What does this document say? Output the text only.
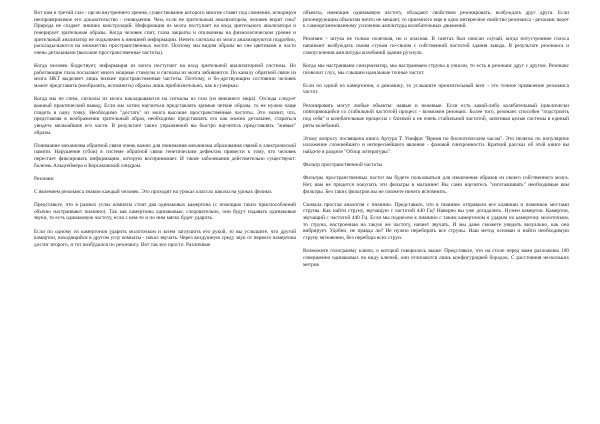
Вот нам и третий глаз - орган внутреннего зрения, существование которого многие ставят под сомнение, игнорируя неопровержимое его доказательство - сновидения. Чем, если не зрительным анализатором, человек видит сны? Природа не создает лишних конструкций. Информация из мозга поступает на вход зрительного анализатора и генерирует зрительные образы. Когда человек спит, глаза закрыты и отключены на физиологическом уровне и зрительный анализатор не подключен к внешней информации. Нечего сигналы из мозга анализируются подробно, расклады-ваются на множество пространственных частот. Поэтому мы видим образы во сне цветными и часто очень детальными (высокие пространственные частоты).

Когда человек бодрствует, информация из мозга поступает на вход зрительной анализаторной системы. Но работающие глаза посылают много мощные стимулы и сигналы из мозга забиваются. По каналу обратной связи из мозга НКТ выделяет лишь низкие пространственные частоты. Поэтому, и бо-дрствующим состоянии человек может представить (вообразить, вспомнить) образы лишь приблизительно, как в сумерках.

Когда мы не спим, сигналы из мозга накладываются на сигналы из глаз (из внешнего мира). Отсюда следует важный практический вывод. Если мы хотим научиться представлять зримые четкие образы, то не нужно чаще глядеть в одну точку. Необходимо "достать" из мозга высокие пространственные частоты. Это значит, что, представляя в воображении зрительный образ, необходимо представлять его как можно детальнее, стараться увидеть мельчайшие его части. В результате таких упражнений вы быстро научитесь представлять "живые" образы.

Понимание механизма обратной связи очень важно для понимания механизма образования связей в электрической памяти. Нарушение (сбои) в системе обратной связи генетическим дефектам привести к тому, что человек перестает фиксировать информацию, которую воспринимает. И такие заболевания действительно существуют: болезнь Альцгеймера и Корсаковский синдром.

Резонанс

С явлением резонанса знаком каждый человек. Это проходят на уроках классах школы на уроках физики.

Представьте, что в разных углах комнаты стоят два одинаковых камертона (с помощью таких приспособлений обычно настраивают пианино). Так как камертоны одинаковые, следовательно, они будут издавать одинаковые звуки, то есть одинаковую частоту, если с кем-то и по ним мягко будет ударить.

Если по одному из камертонов ударить молоточком и затем заглушить его рукой, то вы услышите, что другой камертон, находящийся в другом углу комнаты - начал звучать. Через воздушную среду звук от первого камертона достиг второго, и тот возбудился по резонансу. Вот так все просто. Различные

объекты, имеющие одинаковую частоту, обладают свойством резонировать, возбуждать друг друга. Если резонирующим объектам ничто не мешает, то приемного еще в одно интересное свойство резонанса - резонанс ведет к самоорганизованному усилению амплитуды колебательных движений.

Резонанс - штука не только полезная, но и опасная. В газетах был описан случай, когда потустронние голоса начинают возбуждать своим стуком по-своим с собственной частотой здания завода. В результате резонанса и самоусиления амплитуды колебаний здание рухнуло.

Когда мы настраиваем синхроизатор, мы настраиваем струны в унисон, то есть в резонанс друг с другом. Резонанс позволит слух, мы слышим идеальные точные частот.

Если по одной из камертонов, а динамику, то услышите пронзительный визг - это точное проявление резонанса частот.

Резонировать могут любые объекты: живые и неживые. Если есть какой-либо колебательный (циклически повторяющийся со стабильной частотой) процесс - возможен резонанс. Более того, резонанс способен "подстроить под себя" и колебательные процессы с близкой к не очень стабильной частотой, затягивая целые системы в единый ритм колебаний.

Этому вопросу посвящена книга Артура Т. Уинфри "Время по биологическим часам". Это нелегко по популярное изложение сложнейшего и интереснейшего явления - фазовой синхронности. Краткий рассказ об этой книге вы найдете в разделе "Обзор литературы".

Фильтр пространственной частоты

Фильтры пространственных частот вы будете пользоваться для извлечения образов из своего собственного мозга. Нет, вам не придется покупать эти фильтры в магазине! Вы сами научитесь "изготавливать" необходимые вам фильтры. Без таких фильтров вы не сможете ничего вспомнить.

Сначала простая аналогия с пианино. Представьте, что в пианино отправили все клавиши и поменяли местами струны. Как найти струну, звучащую с частотой 440 Гц? Наверно вы уже догадались. Нужен камертон. Камертон, звучащий с частотой 440 Гц. Если мы поднесем к пианино с таким камертоном и ударим по камертону молоточком, то струна, настроенная на такую же частоту, начнет звучать. И мы даже сможете увидеть визуально, как она вибрирует. Удобно, не правда ли? Не нужно перебирать все струны. Наш метод основан и найти необходимую струну мгновенно, без перебора всех струн.

Возможите голограмму ключа, о которой говорилось выше. Представьте, что на столе перед вами разложены 100 совершенно одинаковых по виду ключей, они отличаются лишь конфигурацией бородок. С расстояния нескольких метров
